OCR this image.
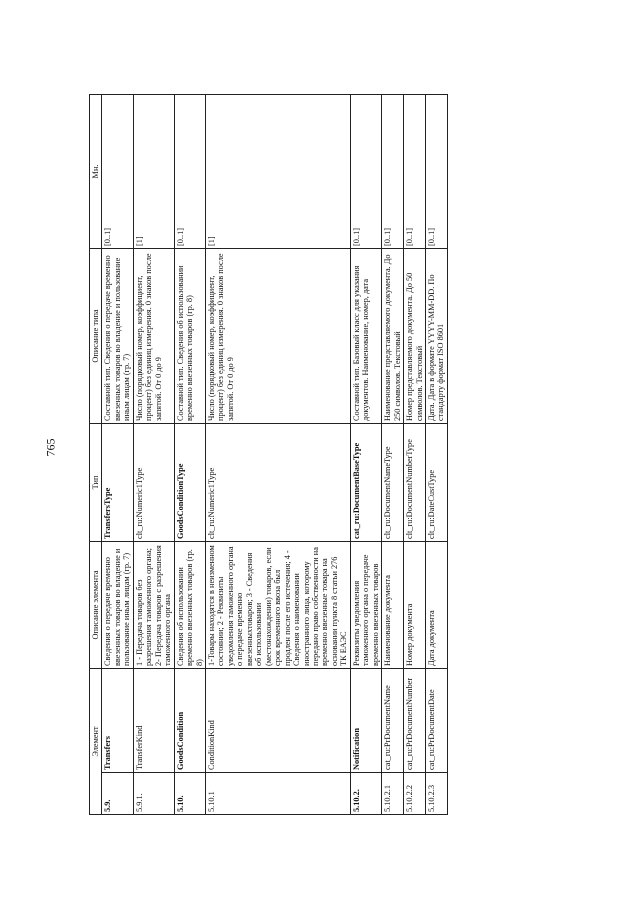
765
Элемент		Описание элемента	Тип	Описание типа	Мн.
5.9.	Transfers	Сведения о передаче временно ввезенных товаров во владение и пользование иным лицам (гр. 7)	TransfersType	Составной тип. Сведения о передаче временно ввезенных товаров во владение и пользование иным лицам (гр. 7)	[0..1]
5.9.1.	TransferKind	1 - Передача товаров без разрешения таможенного органа; 2- Передача товаров с разрешения таможенного органа	clt_ru:Numeric1Type	Число (порядковый номер, коэффициент, процент) без единиц измерения. 0 знаков после запятой. От 0 до 9	[1]
5.10.	GoodsCondition	Сведения об использовании временно ввезенных товаров (гр. 8)	GoodsConditionType	Составной тип. Сведения об использовании временно ввезенных товаров (гр. 8)	[0..1]
5.10.1	ConditionKind	1-Товары находятся в неизменном состоянии; 2 - Реквизиты уведомления таможенного органа о передаче временно ввезенныхтоваров; 3 - Сведения об использовании (местонахождении) товаров, если срок временного ввоза был продлен после его истечения; 4 - Сведения о наименовании иностранного лица, которому передано право собственности на временно ввезенные товара на основании пункта 8 статьи 276 ТК ЕАЭС	clt_ru:Numeric1Type	Число (порядковый номер, коэффициент, процент) без единиц измерения. 0 знаков после запятой. От 0 до 9	[1]
5.10.2.	Notification	Реквизиты уведомления таможенного органа о передаче временно ввезенных товаров	cat_ru:DocumentBaseType	Составной тип. Базовый класс для указания документов. Наименование, номер, дата	[0..1]
5.10.2.1	cat_ru:PrDocumentName	Наименование документа	clt_ru:DocumentNameType	Наименование представляемого документа. До 250 символов. Текстовый	[0..1]
5.10.2.2	cat_ru:PrDocumentNumber	Номер документа	clt_ru:DocumentNumberType	Номер представляемого документа. До 50 символов. Текстовый	[0..1]
5.10.2.3	cat_ru:PrDocumentDate	Дата документа	clt_ru:DateCustType	Дата. Дата в формате YYYY-MM-DD. По стандарту формат ISO 8601	[0..1]
